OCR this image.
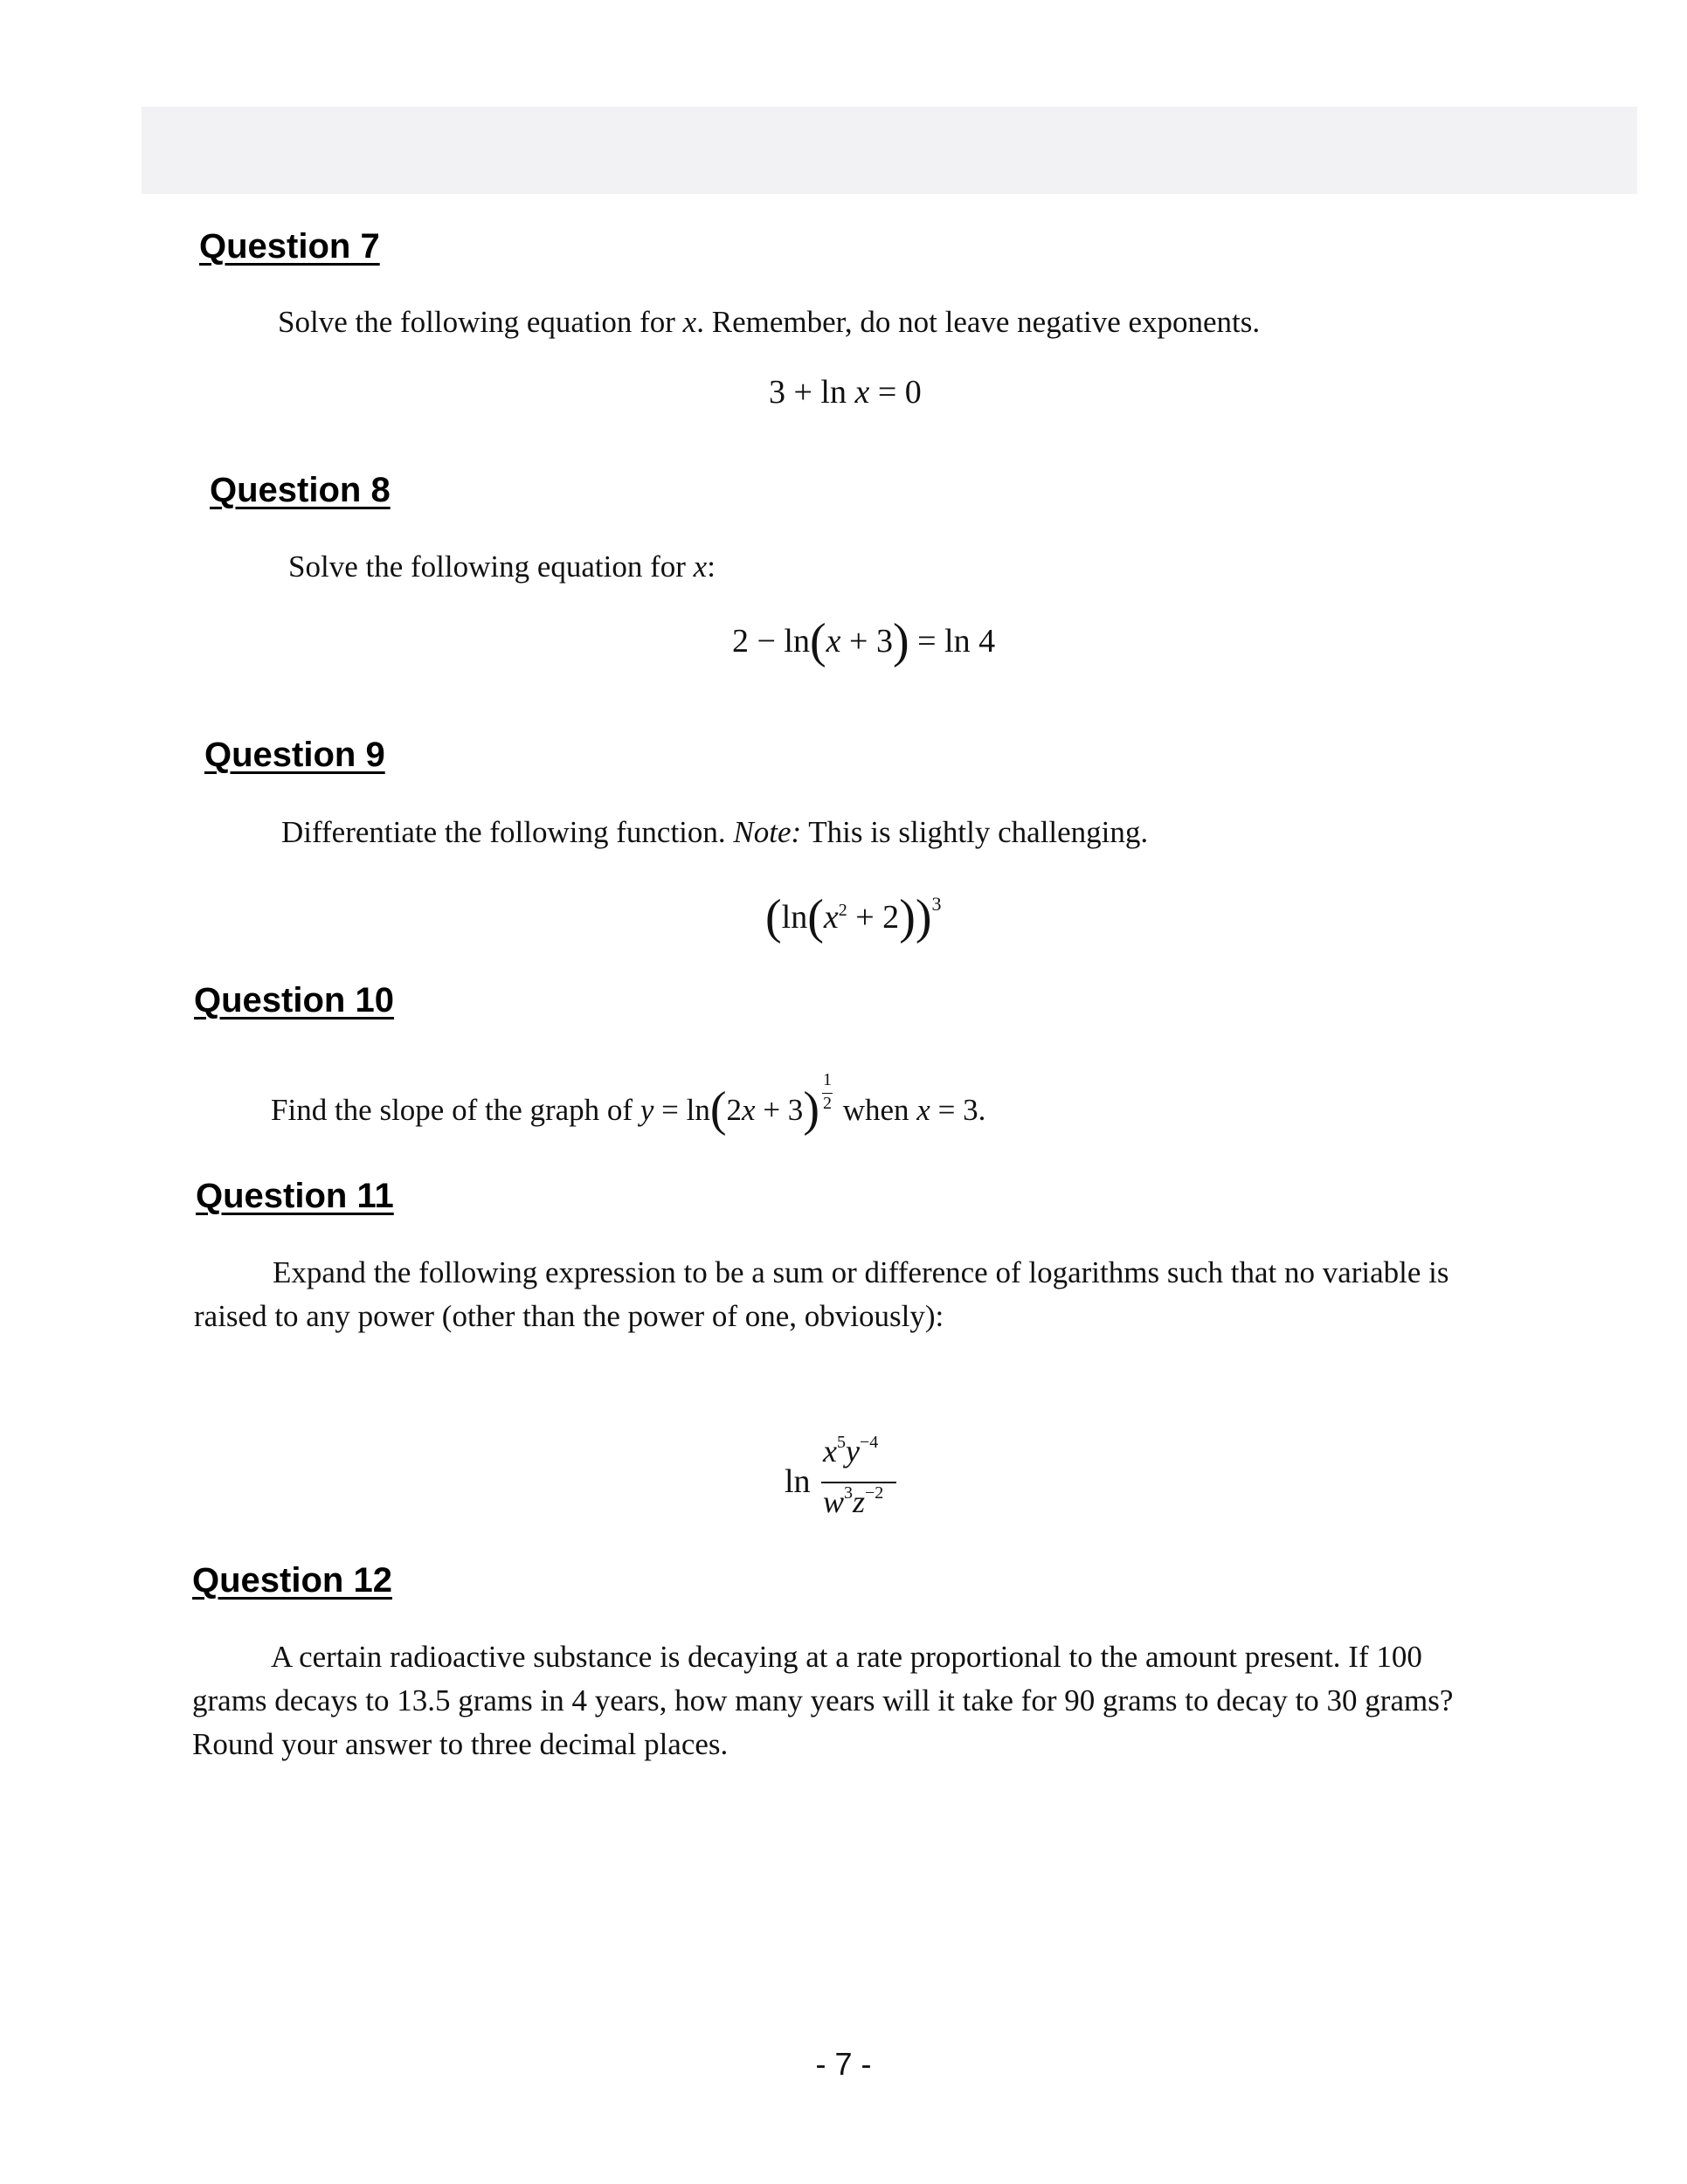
Question 7

Solve the following equation for x. Remember, do not leave negative exponents.

3 + ln x = 0
Question 8

Solve the following equation for x:

2 − ln(x + 3) = ln 4
Question 9

Differentiate the following function. Note: This is slightly challenging.

$(\ln(x^2 + 2))^3$
Question 10
Find the slope of the graph of $y = \ln(2x + 3) \frac{1}{2}$ when x = 3.
Question 11

Expand the following expression to be a sum or difference of logarithms such that no variable is raised to any power (other than the power of one, obviously):

ln
$x^5y^{-4}$
$w^3z^{-2}$
Question 12

A certain radioactive substance is decaying at a rate proportional to the amount present. If 100 grams decays to 13.5 grams in 4 years, how many years will it take for 90 grams to decay to 30 grams? Round your answer to three decimal places.

- 7 -
